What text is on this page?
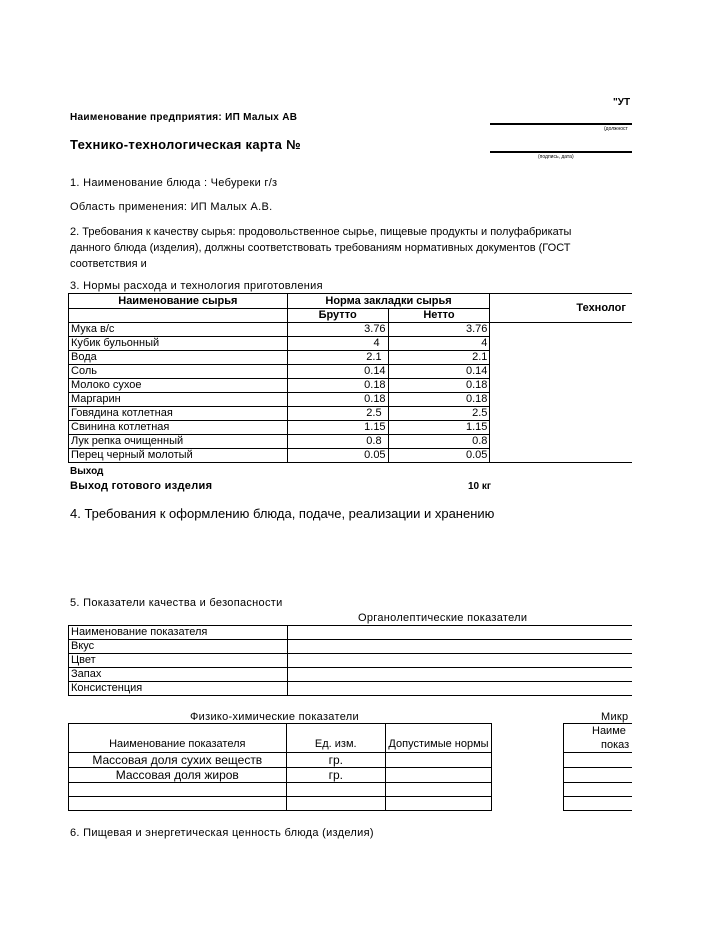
"УТ
Наименование предприятия: ИП Малых АВ
(должност
Технико-технологическая карта №
(подпись, дата)
1. Наименование блюда : Чебуреки г/з
Область применения: ИП Малых А.В.
2. Требования к качеству сырья: продовольственное сырье, пищевые продукты и полуфабрикаты
данного блюда (изделия), должны соответствовать требованиям нормативных документов (ГОСТ
соответствия и
3. Нормы расхода и технология приготовления
Наименование сырья	Норма закладки сырья		Технолог
	Брутто	Нетто	
Мука в/с	3.76	3.76	
Кубик бульонный	4	4	
Вода	2.1	2.1	
Соль	0.14	0.14	
Молоко сухое	0.18	0.18	
Маргарин	0.18	0.18	
Говядина котлетная	2.5	2.5	
Свинина котлетная	1.15	1.15	
Лук репка очищенный	0.8	0.8	
Перец черный молотый	0.05	0.05	
Выход
Выход готового изделия	10 кг
4. Требования к оформлению блюда, подаче, реализации и хранению
5. Показатели качества и безопасности
Органолептические показатели
Наименование показателя	
Вкус	
Цвет	
Запах	
Консистенция	
Физико-химические показатели	Микр
Наименование показателя	Ед. изм.	Допустимые нормы
Массовая доля сухих веществ	гр.	
Массовая доля жиров	гр.	

Наиме
показ

6. Пищевая и энергетическая ценность блюда (изделия)
